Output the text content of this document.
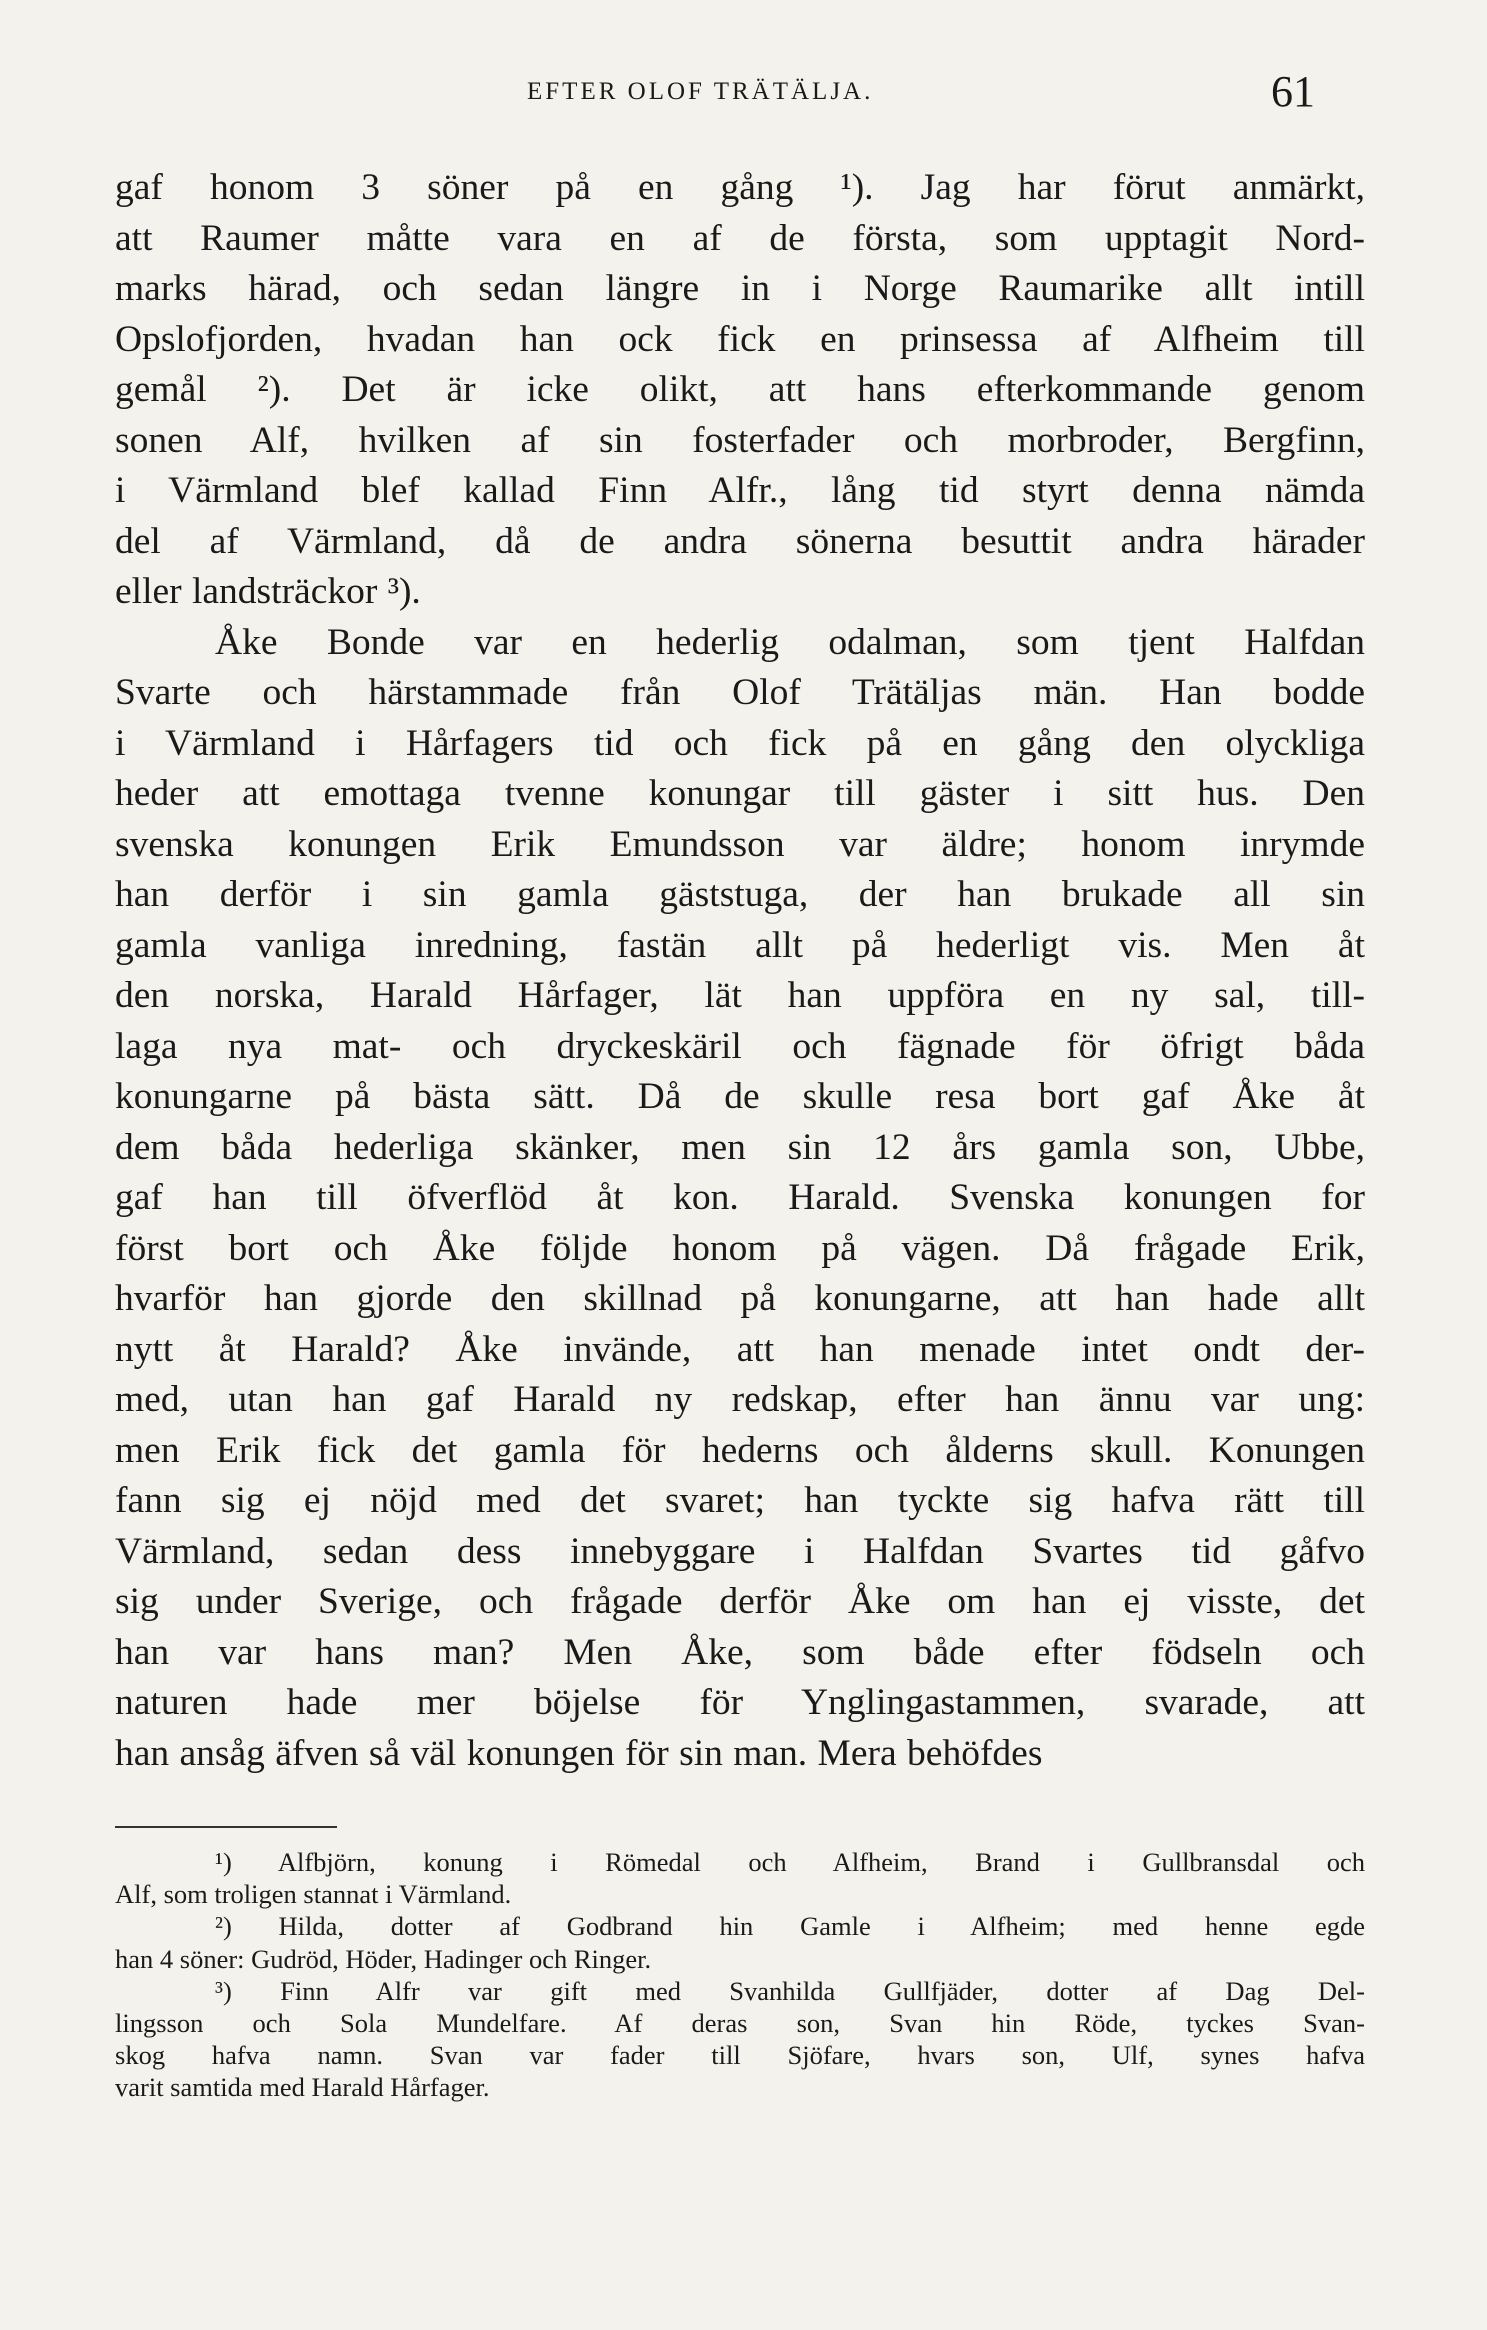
EFTER OLOF TRÄTÄLJA.	61
gaf honom 3 söner på en gång ¹). Jag har förut anmärkt,
att Raumer måtte vara en af de första, som upptagit Nord-
marks härad, och sedan längre in i Norge Raumarike allt intill
Opslofjorden, hvadan han ock fick en prinsessa af Alfheim till
gemål ²). Det är icke olikt, att hans efterkommande genom
sonen Alf, hvilken af sin fosterfader och morbroder, Bergfinn,
i Värmland blef kallad Finn Alfr., lång tid styrt denna nämda
del af Värmland, då de andra sönerna besuttit andra härader
eller landsträckor ³).
Åke Bonde var en hederlig odalman, som tjent Halfdan
Svarte och härstammade från Olof Trätäljas män. Han bodde
i Värmland i Hårfagers tid och fick på en gång den olyckliga
heder att emottaga tvenne konungar till gäster i sitt hus. Den
svenska konungen Erik Emundsson var äldre; honom inrymde
han derför i sin gamla gäststuga, der han brukade all sin
gamla vanliga inredning, fastän allt på hederligt vis. Men åt
den norska, Harald Hårfager, lät han uppföra en ny sal, till-
laga nya mat- och dryckeskäril och fägnade för öfrigt båda
konungarne på bästa sätt. Då de skulle resa bort gaf Åke åt
dem båda hederliga skänker, men sin 12 års gamla son, Ubbe,
gaf han till öfverflöd åt kon. Harald. Svenska konungen for
först bort och Åke följde honom på vägen. Då frågade Erik,
hvarför han gjorde den skillnad på konungarne, att han hade allt
nytt åt Harald? Åke invände, att han menade intet ondt der-
med, utan han gaf Harald ny redskap, efter han ännu var ung:
men Erik fick det gamla för hederns och ålderns skull. Konungen
fann sig ej nöjd med det svaret; han tyckte sig hafva rätt till
Värmland, sedan dess innebyggare i Halfdan Svartes tid gåfvo
sig under Sverige, och frågade derför Åke om han ej visste, det
han var hans man? Men Åke, som både efter födseln och
naturen hade mer böjelse för Ynglingastammen, svarade, att
han ansåg äfven så väl konungen för sin man. Mera behöfdes
¹) Alfbjörn, konung i Römedal och Alfheim, Brand i Gullbransdal och
Alf, som troligen stannat i Värmland.
²) Hilda, dotter af Godbrand hin Gamle i Alfheim; med henne egde
han 4 söner: Gudröd, Höder, Hadinger och Ringer.
³) Finn Alfr var gift med Svanhilda Gullfjäder, dotter af Dag Del-
lingsson och Sola Mundelfare. Af deras son, Svan hin Röde, tyckes Svan-
skog hafva namn. Svan var fader till Sjöfare, hvars son, Ulf, synes hafva
varit samtida med Harald Hårfager.
